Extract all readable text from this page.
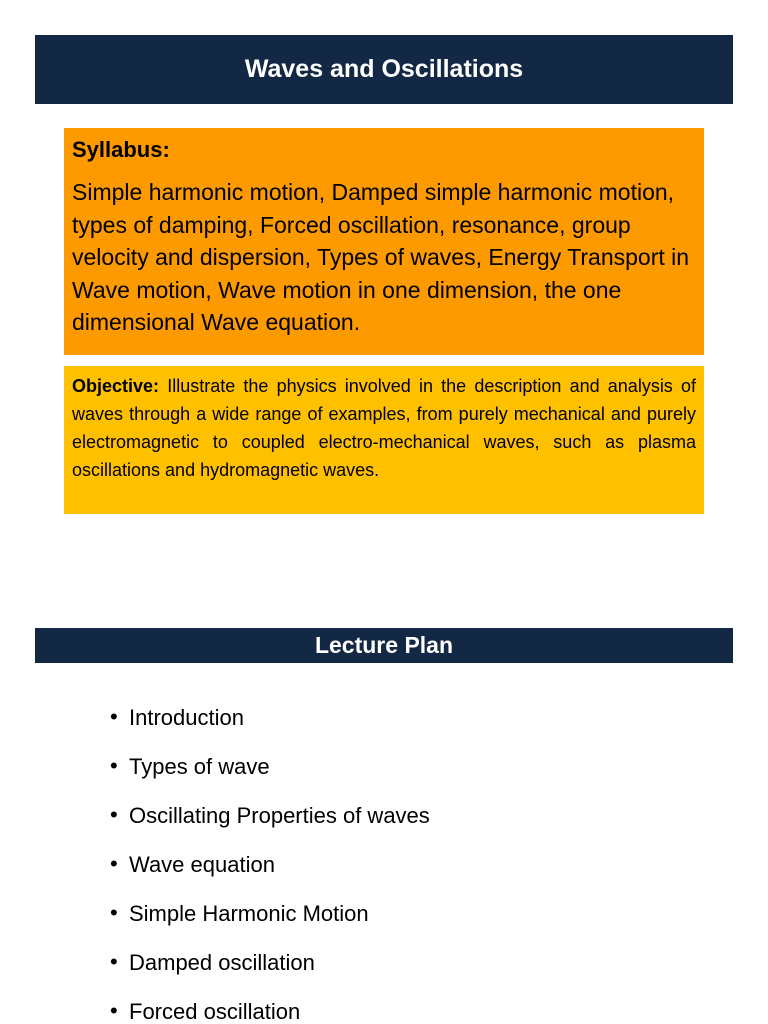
Waves and Oscillations

Syllabus:

Simple harmonic motion, Damped simple harmonic motion, types of damping, Forced oscillation, resonance, group velocity and dispersion, Types of waves, Energy Transport in Wave motion, Wave motion in one dimension, the one dimensional Wave equation.

Objective: Illustrate the physics involved in the description and analysis of waves through a wide range of examples, from purely mechanical and purely electromagnetic to coupled electro-mechanical waves, such as plasma oscillations and hydromagnetic waves.
Lecture Plan
• Introduction
• Types of wave
• Oscillating Properties of waves
• Wave equation
• Simple Harmonic Motion
• Damped oscillation
• Forced oscillation
